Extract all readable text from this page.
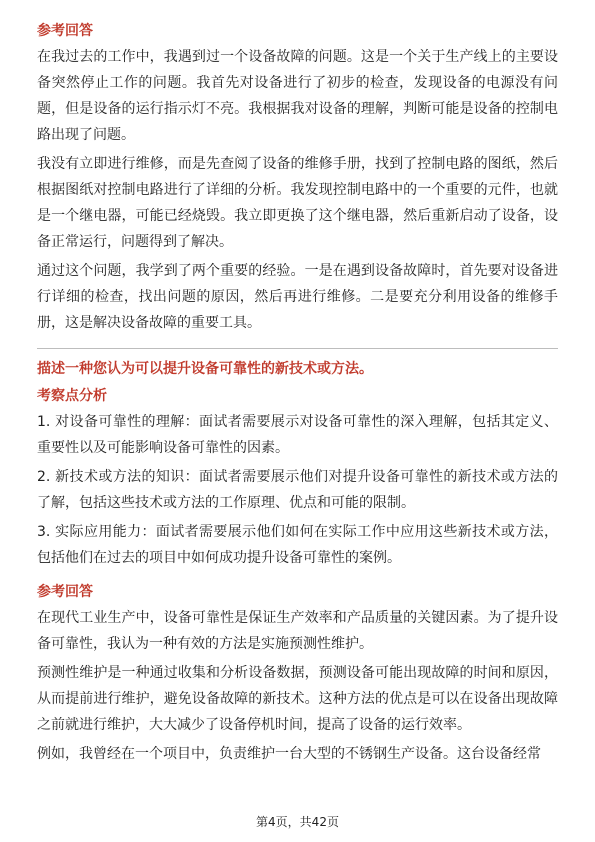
参考回答

在我过去的工作中，我遇到过一个设备故障的问题。这是一个关于生产线上的主要设备突然停止工作的问题。我首先对设备进行了初步的检查，发现设备的电源没有问题，但是设备的运行指示灯不亮。我根据我对设备的理解，判断可能是设备的控制电路出现了问题。

我没有立即进行维修，而是先查阅了设备的维修手册，找到了控制电路的图纸，然后根据图纸对控制电路进行了详细的分析。我发现控制电路中的一个重要的元件，也就是一个继电器，可能已经烧毁。我立即更换了这个继电器，然后重新启动了设备，设备正常运行，问题得到了解决。

通过这个问题，我学到了两个重要的经验。一是在遇到设备故障时，首先要对设备进行详细的检查，找出问题的原因，然后再进行维修。二是要充分利用设备的维修手册，这是解决设备故障的重要工具。

描述一种您认为可以提升设备可靠性的新技术或方法。
考察点分析

1. 对设备可靠性的理解：面试者需要展示对设备可靠性的深入理解，包括其定义、重要性以及可能影响设备可靠性的因素。

2. 新技术或方法的知识：面试者需要展示他们对提升设备可靠性的新技术或方法的了解，包括这些技术或方法的工作原理、优点和可能的限制。

3. 实际应用能力：面试者需要展示他们如何在实际工作中应用这些新技术或方法，包括他们在过去的项目中如何成功提升设备可靠性的案例。

参考回答

在现代工业生产中，设备可靠性是保证生产效率和产品质量的关键因素。为了提升设备可靠性，我认为一种有效的方法是实施预测性维护。

预测性维护是一种通过收集和分析设备数据，预测设备可能出现故障的时间和原因，从而提前进行维护，避免设备故障的新技术。这种方法的优点是可以在设备出现故障之前就进行维护，大大减少了设备停机时间，提高了设备的运行效率。

例如，我曾经在一个项目中，负责维护一台大型的不锈钢生产设备。这台设备经常

第4页，共42页
